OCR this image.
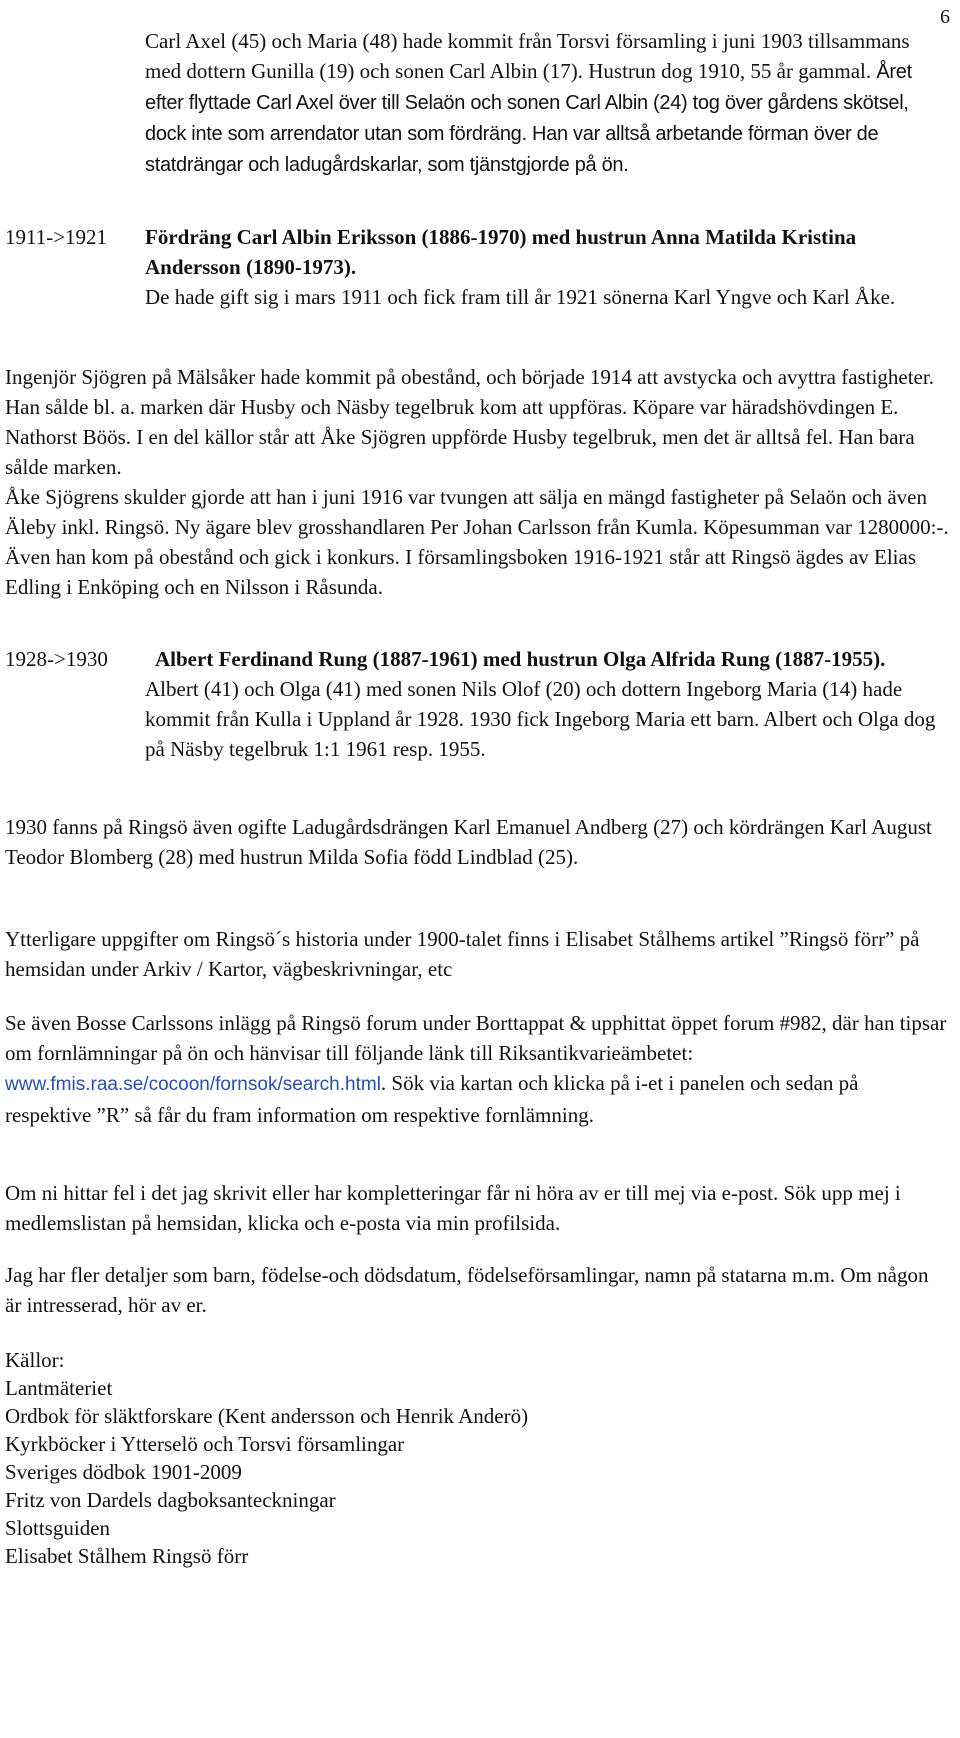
6

Carl Axel (45) och Maria (48) hade kommit från Torsvi församling i juni 1903 tillsammans med dottern Gunilla (19) och sonen Carl Albin (17). Hustrun dog 1910, 55 år gammal. Året efter flyttade Carl Axel över till Selaön och sonen Carl Albin (24) tog över gårdens skötsel, dock inte som arrendator utan som fördräng. Han var alltså arbetande förman över de statdrängar och ladugårdskarlar, som tjänstgjorde på ön.

1911->1921	Fördräng Carl Albin Eriksson (1886-1970) med hustrun Anna Matilda Kristina Andersson (1890-1973).
De hade gift sig i mars 1911 och fick fram till år 1921 sönerna Karl Yngve och Karl Åke.

Ingenjör Sjögren på Mälsåker hade kommit på obestånd, och började 1914 att avstycka och avyttra fastigheter. Han sålde bl. a. marken där Husby och Näsby tegelbruk kom att uppföras. Köpare var häradshövdingen E. Nathorst Böös. I en del källor står att Åke Sjögren uppförde Husby tegelbruk, men det är alltså fel. Han bara sålde marken.
Åke Sjögrens skulder gjorde att han i juni 1916 var tvungen att sälja en mängd fastigheter på Selaön och även Äleby inkl. Ringsö. Ny ägare blev grosshandlaren Per Johan Carlsson från Kumla. Köpesumman var 1280000:-. Även han kom på obestånd och gick i konkurs. I församlingsboken 1916-1921 står att Ringsö ägdes av Elias Edling i Enköping och en Nilsson i Råsunda.

1928->1930	Albert Ferdinand Rung (1887-1961) med hustrun Olga Alfrida Rung (1887-1955).
Albert (41) och Olga (41) med sonen Nils Olof (20) och dottern Ingeborg Maria (14) hade kommit från Kulla i Uppland år 1928. 1930 fick Ingeborg Maria ett barn. Albert och Olga dog på Näsby tegelbruk 1:1 1961 resp. 1955.

1930 fanns på Ringsö även ogifte Ladugårdsdrängen Karl Emanuel Andberg (27) och kördrängen Karl August Teodor Blomberg (28) med hustrun Milda Sofia född Lindblad (25).

Ytterligare uppgifter om Ringsö´s historia under 1900-talet finns i Elisabet Stålhems artikel ”Ringsö förr” på hemsidan under Arkiv / Kartor, vägbeskrivningar, etc

Se även Bosse Carlssons inlägg på Ringsö forum under Borttappat & upphittat öppet forum #982, där han tipsar om fornlämningar på ön och hänvisar till följande länk till Riksantikvarieämbetet: www.fmis.raa.se/cocoon/fornsok/search.html. Sök via kartan och klicka på i-et i panelen och sedan på respektive ”R” så får du fram information om respektive fornlämning.

Om ni hittar fel i det jag skrivit eller har kompletteringar får ni höra av er till mej via e-post. Sök upp mej i medlemslistan på hemsidan, klicka och e-posta via min profilsida.

Jag har fler detaljer som barn, födelse-och dödsdatum, födelseförsamlingar, namn på statarna m.m. Om någon är intresserad, hör av er.

Källor:
Lantmäteriet
Ordbok för släktforskare (Kent andersson och Henrik Anderö)
Kyrkböcker i Ytterselö och Torsvi församlingar
Sveriges dödbok 1901-2009
Fritz von Dardels dagboksanteckningar
Slottsguiden
Elisabet Stålhem Ringsö förr
